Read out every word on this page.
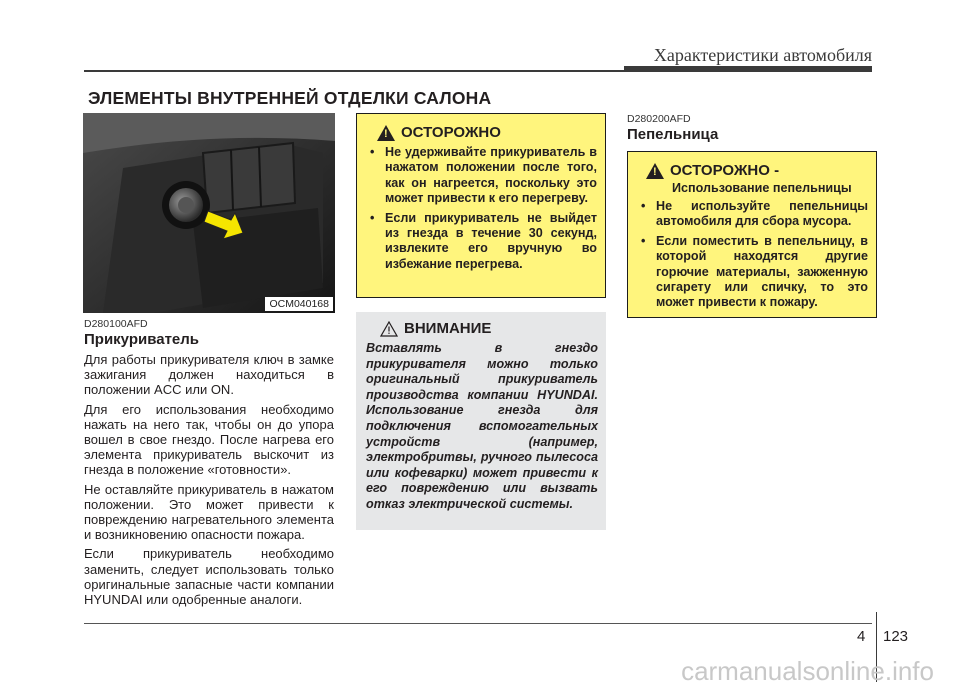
Характеристики автомобиля
ЭЛЕМЕНТЫ ВНУТРЕННЕЙ ОТДЕЛКИ САЛОНА
OCM040168
D280100AFD
Прикуриватель

Для работы прикуривателя ключ в замке зажигания должен находиться в положении ACC или ON.

Для его использования необходимо нажать на него так, чтобы он до упора вошел в свое гнездо. После нагрева его элемента прикуриватель выскочит из гнезда в положение «готовности».

Не оставляйте прикуриватель в нажатом положении. Это может привести к повреждению нагревательного элемента и возникновению опасности пожара.

Если прикуриватель необходимо заменить, следует использовать только оригинальные запасные части компании HYUNDAI или одобренные аналоги.

!
ОСТОРОЖНО
• Не удерживайте прикуриватель в нажатом положении после того, как он нагреется, поскольку это может привести к его перегреву.
• Если прикуриватель не выйдет из гнезда в течение 30 секунд, извлеките его вручную во избежание перегрева.
ВНИМАНИЕ
Вставлять в гнездо прикуривателя можно только оригинальный прикуриватель производства компании HYUNDAI. Использование гнезда для подключения вспомогательных устройств (например, электробритвы, ручного пылесоса или кофеварки) может привести к его повреждению или вызвать отказ электрической системы.
D280200AFD
Пепельница
!
ОСТОРОЖНО -
Использование пепельницы
• Не используйте пепельницы автомобиля для сбора мусора.
• Если поместить в пепельницу, в которой находятся другие горючие материалы, зажженную сигарету или спичку, то это может привести к пожару.
4 123
carmanualsonline.info
